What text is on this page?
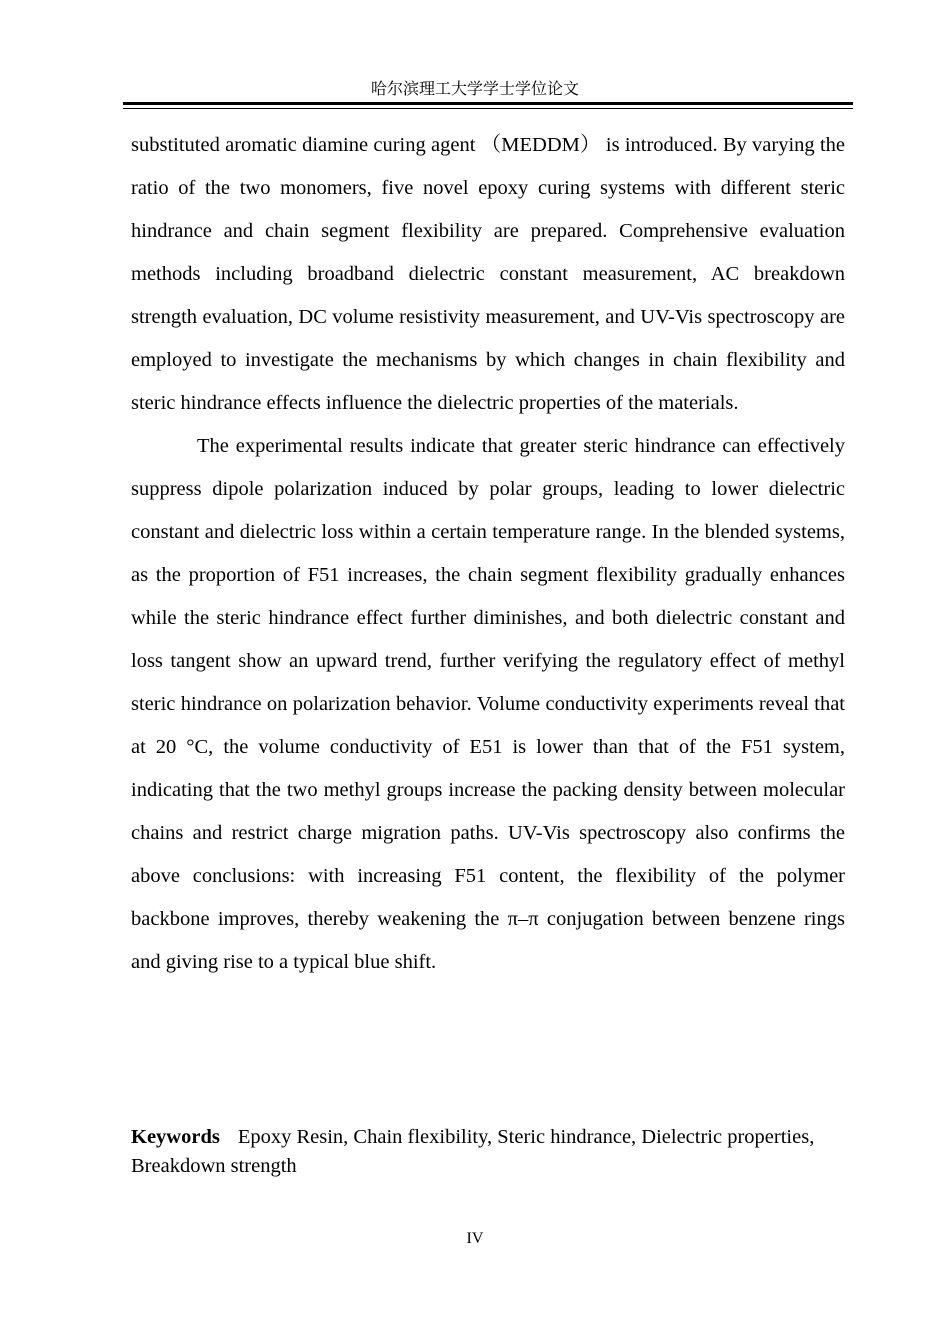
哈尔滨理工大学学士学位论文

substituted aromatic diamine curing agent （MEDDM） is introduced. By varying the ratio of the two monomers, five novel epoxy curing systems with different steric hindrance and chain segment flexibility are prepared. Comprehensive evaluation methods including broadband dielectric constant measurement, AC breakdown strength evaluation, DC volume resistivity measurement, and UV-Vis spectroscopy are employed to investigate the mechanisms by which changes in chain flexibility and steric hindrance effects influence the dielectric properties of the materials.

The experimental results indicate that greater steric hindrance can effectively suppress dipole polarization induced by polar groups, leading to lower dielectric constant and dielectric loss within a certain temperature range. In the blended systems, as the proportion of F51 increases, the chain segment flexibility gradually enhances while the steric hindrance effect further diminishes, and both dielectric constant and loss tangent show an upward trend, further verifying the regulatory effect of methyl steric hindrance on polarization behavior. Volume conductivity experiments reveal that at 20 °C, the volume conductivity of E51 is lower than that of the F51 system, indicating that the two methyl groups increase the packing density between molecular chains and restrict charge migration paths. UV-Vis spectroscopy also confirms the above conclusions: with increasing F51 content, the flexibility of the polymer backbone improves, thereby weakening the π–π conjugation between benzene rings and giving rise to a typical blue shift.

Keywords Epoxy Resin, Chain flexibility, Steric hindrance, Dielectric properties, Breakdown strength
IV
